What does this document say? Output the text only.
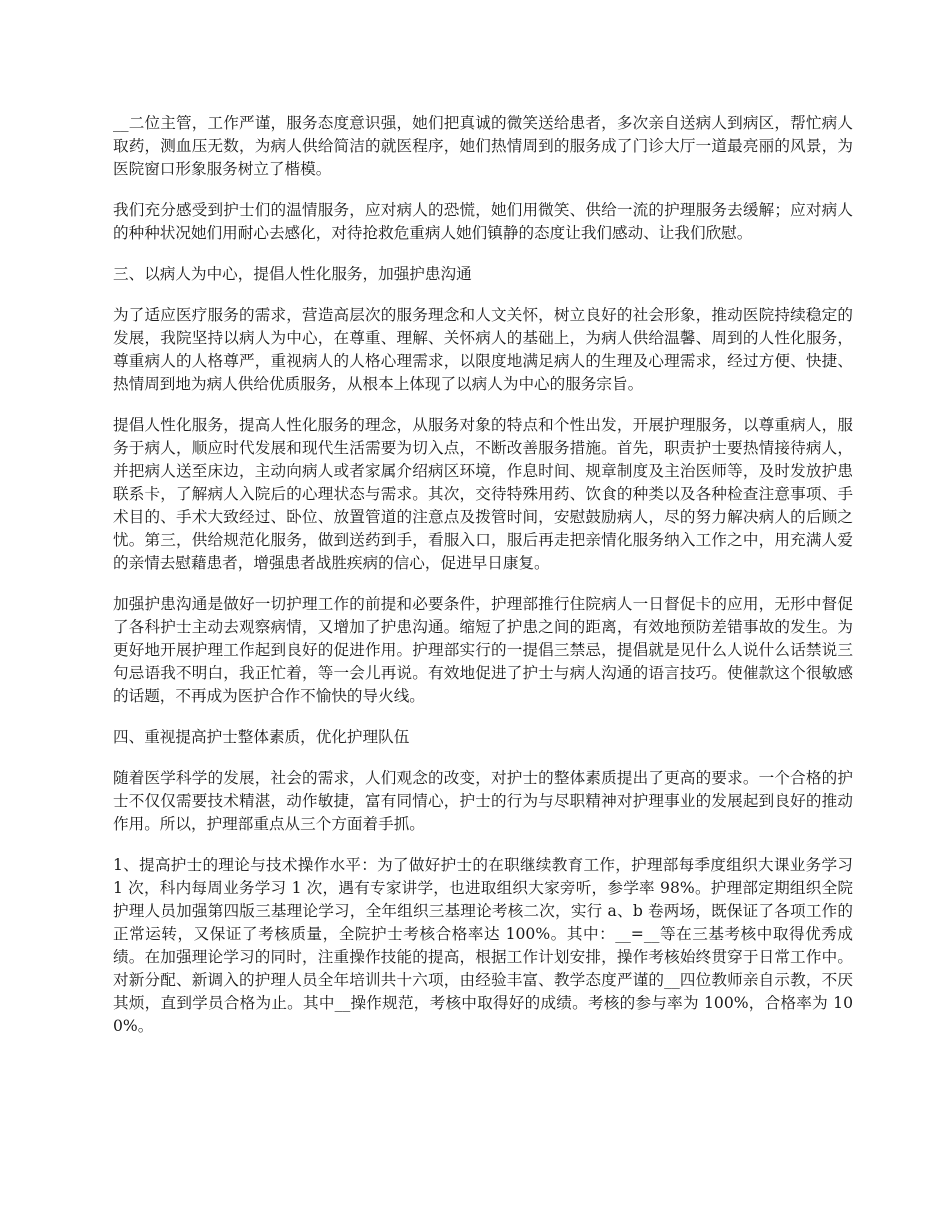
__二位主管，工作严谨，服务态度意识强，她们把真诚的微笑送给患者，多次亲自送病人到病区，帮忙病人取药，测血压无数，为病人供给简洁的就医程序，她们热情周到的服务成了门诊大厅一道最亮丽的风景，为医院窗口形象服务树立了楷模。

我们充分感受到护士们的温情服务，应对病人的恐慌，她们用微笑、供给一流的护理服务去缓解；应对病人的种种状况她们用耐心去感化，对待抢救危重病人她们镇静的态度让我们感动、让我们欣慰。

三、以病人为中心，提倡人性化服务，加强护患沟通

为了适应医疗服务的需求，营造高层次的服务理念和人文关怀，树立良好的社会形象，推动医院持续稳定的发展，我院坚持以病人为中心，在尊重、理解、关怀病人的基础上，为病人供给温馨、周到的人性化服务，尊重病人的人格尊严，重视病人的人格心理需求，以限度地满足病人的生理及心理需求，经过方便、快捷、热情周到地为病人供给优质服务，从根本上体现了以病人为中心的服务宗旨。

提倡人性化服务，提高人性化服务的理念，从服务对象的特点和个性出发，开展护理服务，以尊重病人，服务于病人，顺应时代发展和现代生活需要为切入点，不断改善服务措施。首先，职责护士要热情接待病人，并把病人送至床边，主动向病人或者家属介绍病区环境，作息时间、规章制度及主治医师等，及时发放护患联系卡，了解病人入院后的心理状态与需求。其次，交待特殊用药、饮食的种类以及各种检查注意事项、手术目的、手术大致经过、卧位、放置管道的注意点及拨管时间，安慰鼓励病人，尽的努力解决病人的后顾之忧。第三，供给规范化服务，做到送药到手，看服入口，服后再走把亲情化服务纳入工作之中，用充满人爱的亲情去慰藉患者，增强患者战胜疾病的信心，促进早日康复。

加强护患沟通是做好一切护理工作的前提和必要条件，护理部推行住院病人一日督促卡的应用，无形中督促了各科护士主动去观察病情，又增加了护患沟通。缩短了护患之间的距离，有效地预防差错事故的发生。为更好地开展护理工作起到良好的促进作用。护理部实行的一提倡三禁忌，提倡就是见什么人说什么话禁说三句忌语我不明白，我正忙着，等一会儿再说。有效地促进了护士与病人沟通的语言技巧。使催款这个很敏感的话题，不再成为医护合作不愉快的导火线。

四、重视提高护士整体素质，优化护理队伍

随着医学科学的发展，社会的需求，人们观念的改变，对护士的整体素质提出了更高的要求。一个合格的护士不仅仅需要技术精湛，动作敏捷，富有同情心，护士的行为与尽职精神对护理事业的发展起到良好的推动作用。所以，护理部重点从三个方面着手抓。

1、提高护士的理论与技术操作水平：为了做好护士的在职继续教育工作，护理部每季度组织大课业务学习 1 次，科内每周业务学习 1 次，遇有专家讲学，也进取组织大家旁听，参学率 98%。护理部定期组织全院护理人员加强第四版三基理论学习，全年组织三基理论考核二次，实行 a、b 卷两场，既保证了各项工作的正常运转，又保证了考核质量，全院护士考核合格率达 100%。其中：__=__等在三基考核中取得优秀成绩。在加强理论学习的同时，注重操作技能的提高，根据工作计划安排，操作考核始终贯穿于日常工作中。对新分配、新调入的护理人员全年培训共十六项，由经验丰富、教学态度严谨的__四位教师亲自示教，不厌其烦，直到学员合格为止。其中__操作规范，考核中取得好的成绩。考核的参与率为 100%，合格率为 100%。
